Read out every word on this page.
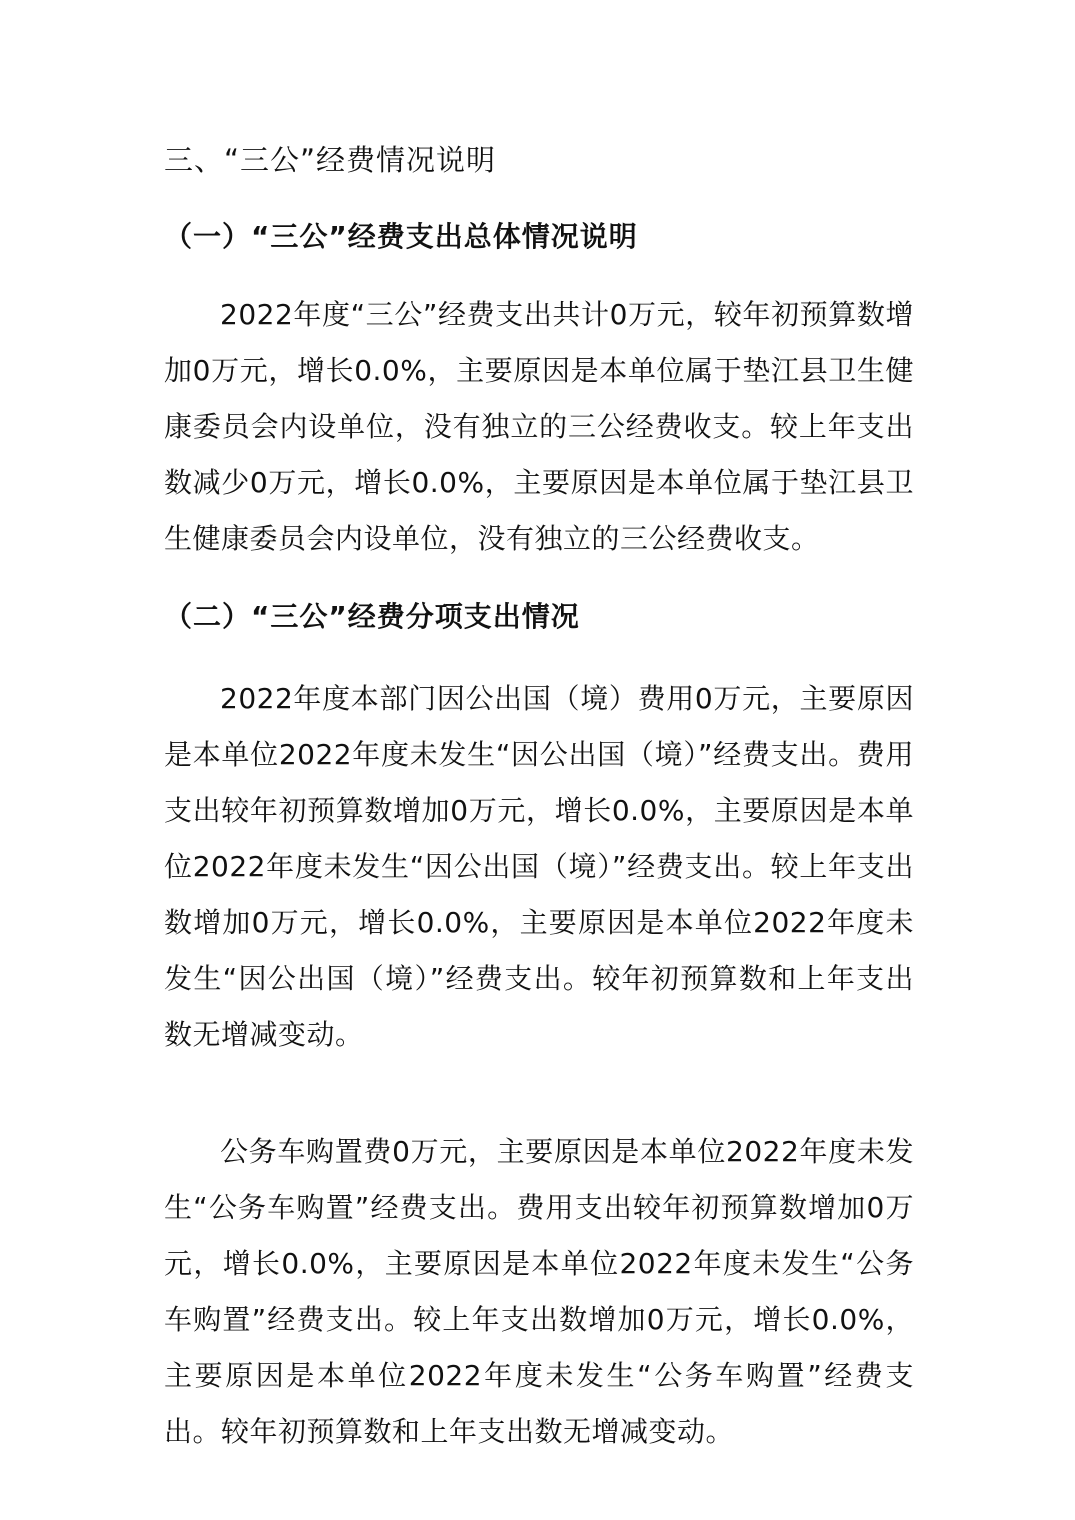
三、“三公”经费情况说明
（一）“三公”经费支出总体情况说明

2022年度“三公”经费支出共计0万元，较年初预算数增加0万元，增长0.0%，主要原因是本单位属于垫江县卫生健康委员会内设单位，没有独立的三公经费收支。较上年支出数减少0万元，增长0.0%，主要原因是本单位属于垫江县卫生健康委员会内设单位，没有独立的三公经费收支。

（二）“三公”经费分项支出情况

2022年度本部门因公出国（境）费用0万元，主要原因是本单位2022年度未发生“因公出国（境）”经费支出。费用支出较年初预算数增加0万元，增长0.0%，主要原因是本单位2022年度未发生“因公出国（境）”经费支出。较上年支出数增加0万元，增长0.0%，主要原因是本单位2022年度未发生“因公出国（境）”经费支出。较年初预算数和上年支出数无增减变动。

公务车购置费0万元，主要原因是本单位2022年度未发生“公务车购置”经费支出。费用支出较年初预算数增加0万元，增长0.0%，主要原因是本单位2022年度未发生“公务车购置”经费支出。较上年支出数增加0万元，增长0.0%，主要原因是本单位2022年度未发生“公务车购置”经费支出。较年初预算数和上年支出数无增减变动。
